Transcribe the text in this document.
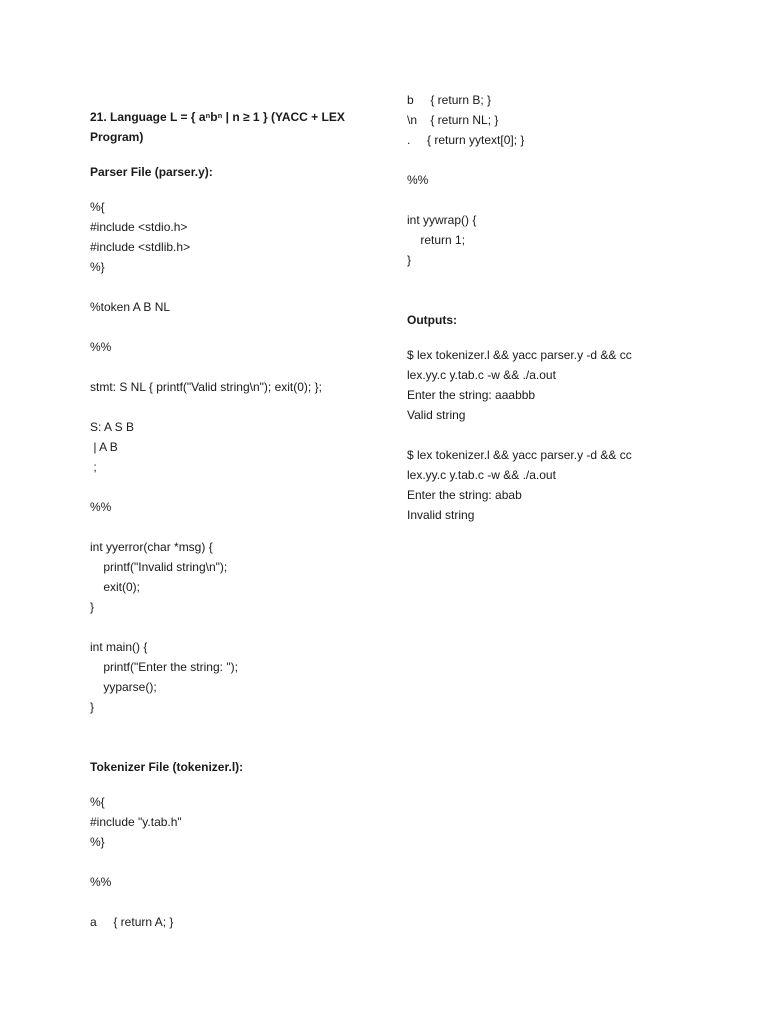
21. Language L = { aⁿbⁿ | n ≥ 1 } (YACC + LEX Program)
Parser File (parser.y):
%{
#include <stdio.h>
#include <stdlib.h>
%}
%token A B NL
%%
stmt: S NL { printf("Valid string\n"); exit(0); };
S: A S B
| A B
;
%%
int yyerror(char *msg) {
printf("Invalid string\n");
exit(0);
}
int main() {
printf("Enter the string: ");
yyparse();
}
Tokenizer File (tokenizer.l):
%{
#include "y.tab.h"
%}
%%
a     { return A; }
b     { return B; }
\n    { return NL; }
.     { return yytext[0]; }
%%
int yywrap() {
return 1;
}
Outputs:
$ lex tokenizer.l && yacc parser.y -d && cc
lex.yy.c y.tab.c -w && ./a.out
Enter the string: aaabbb
Valid string
$ lex tokenizer.l && yacc parser.y -d && cc
lex.yy.c y.tab.c -w && ./a.out
Enter the string: abab
Invalid string
